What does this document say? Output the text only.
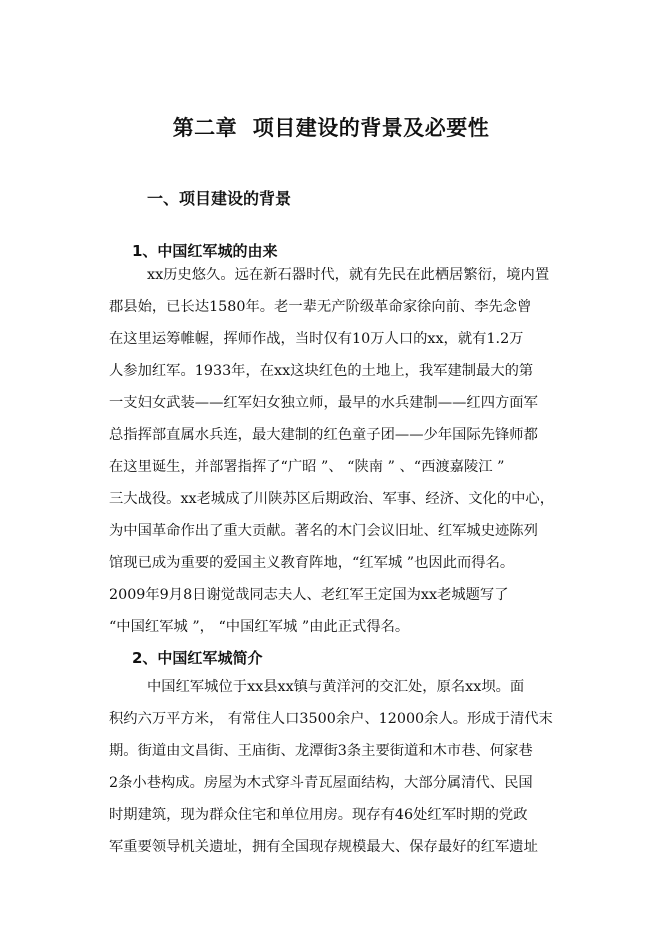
第二章  项目建设的背景及必要性
一、项目建设的背景
1、中国红军城的由来
xx历史悠久。远在新石器时代，就有先民在此栖居繁衍，境内置
郡县始，已长达1580年。老一辈无产阶级革命家徐向前、李先念曾
在这里运筹帷幄，挥师作战，当时仅有10万人口的xx，就有1.2万
人参加红军。1933年，在xx这块红色的土地上，我军建制最大的第
一支妇女武装——红军妇女独立师，最早的水兵建制——红四方面军
总指挥部直属水兵连，最大建制的红色童子团——少年国际先锋师都
在这里诞生，并部署指挥了“广昭 ”、 “陕南 ” 、“西渡嘉陵江 ”
三大战役。xx老城成了川陕苏区后期政治、军事、经济、文化的中心，
为中国革命作出了重大贡献。著名的木门会议旧址、红军城史迹陈列
馆现已成为重要的爱国主义教育阵地，“红军城 ”也因此而得名。
2009年9月8日谢觉哉同志夫人、老红军王定国为xx老城题写了
“中国红军城 ”， “中国红军城 ”由此正式得名。
2、中国红军城简介
中国红军城位于xx县xx镇与黄洋河的交汇处，原名xx坝。面
积约六万平方米， 有常住人口3500余户、12000余人。形成于清代末
期。街道由文昌街、王庙街、龙潭街3条主要街道和木市巷、何家巷
2条小巷构成。房屋为木式穿斗青瓦屋面结构，大部分属清代、民国
时期建筑，现为群众住宅和单位用房。现存有46处红军时期的党政
军重要领导机关遗址，拥有全国现存规模最大、保存最好的红军遗址
